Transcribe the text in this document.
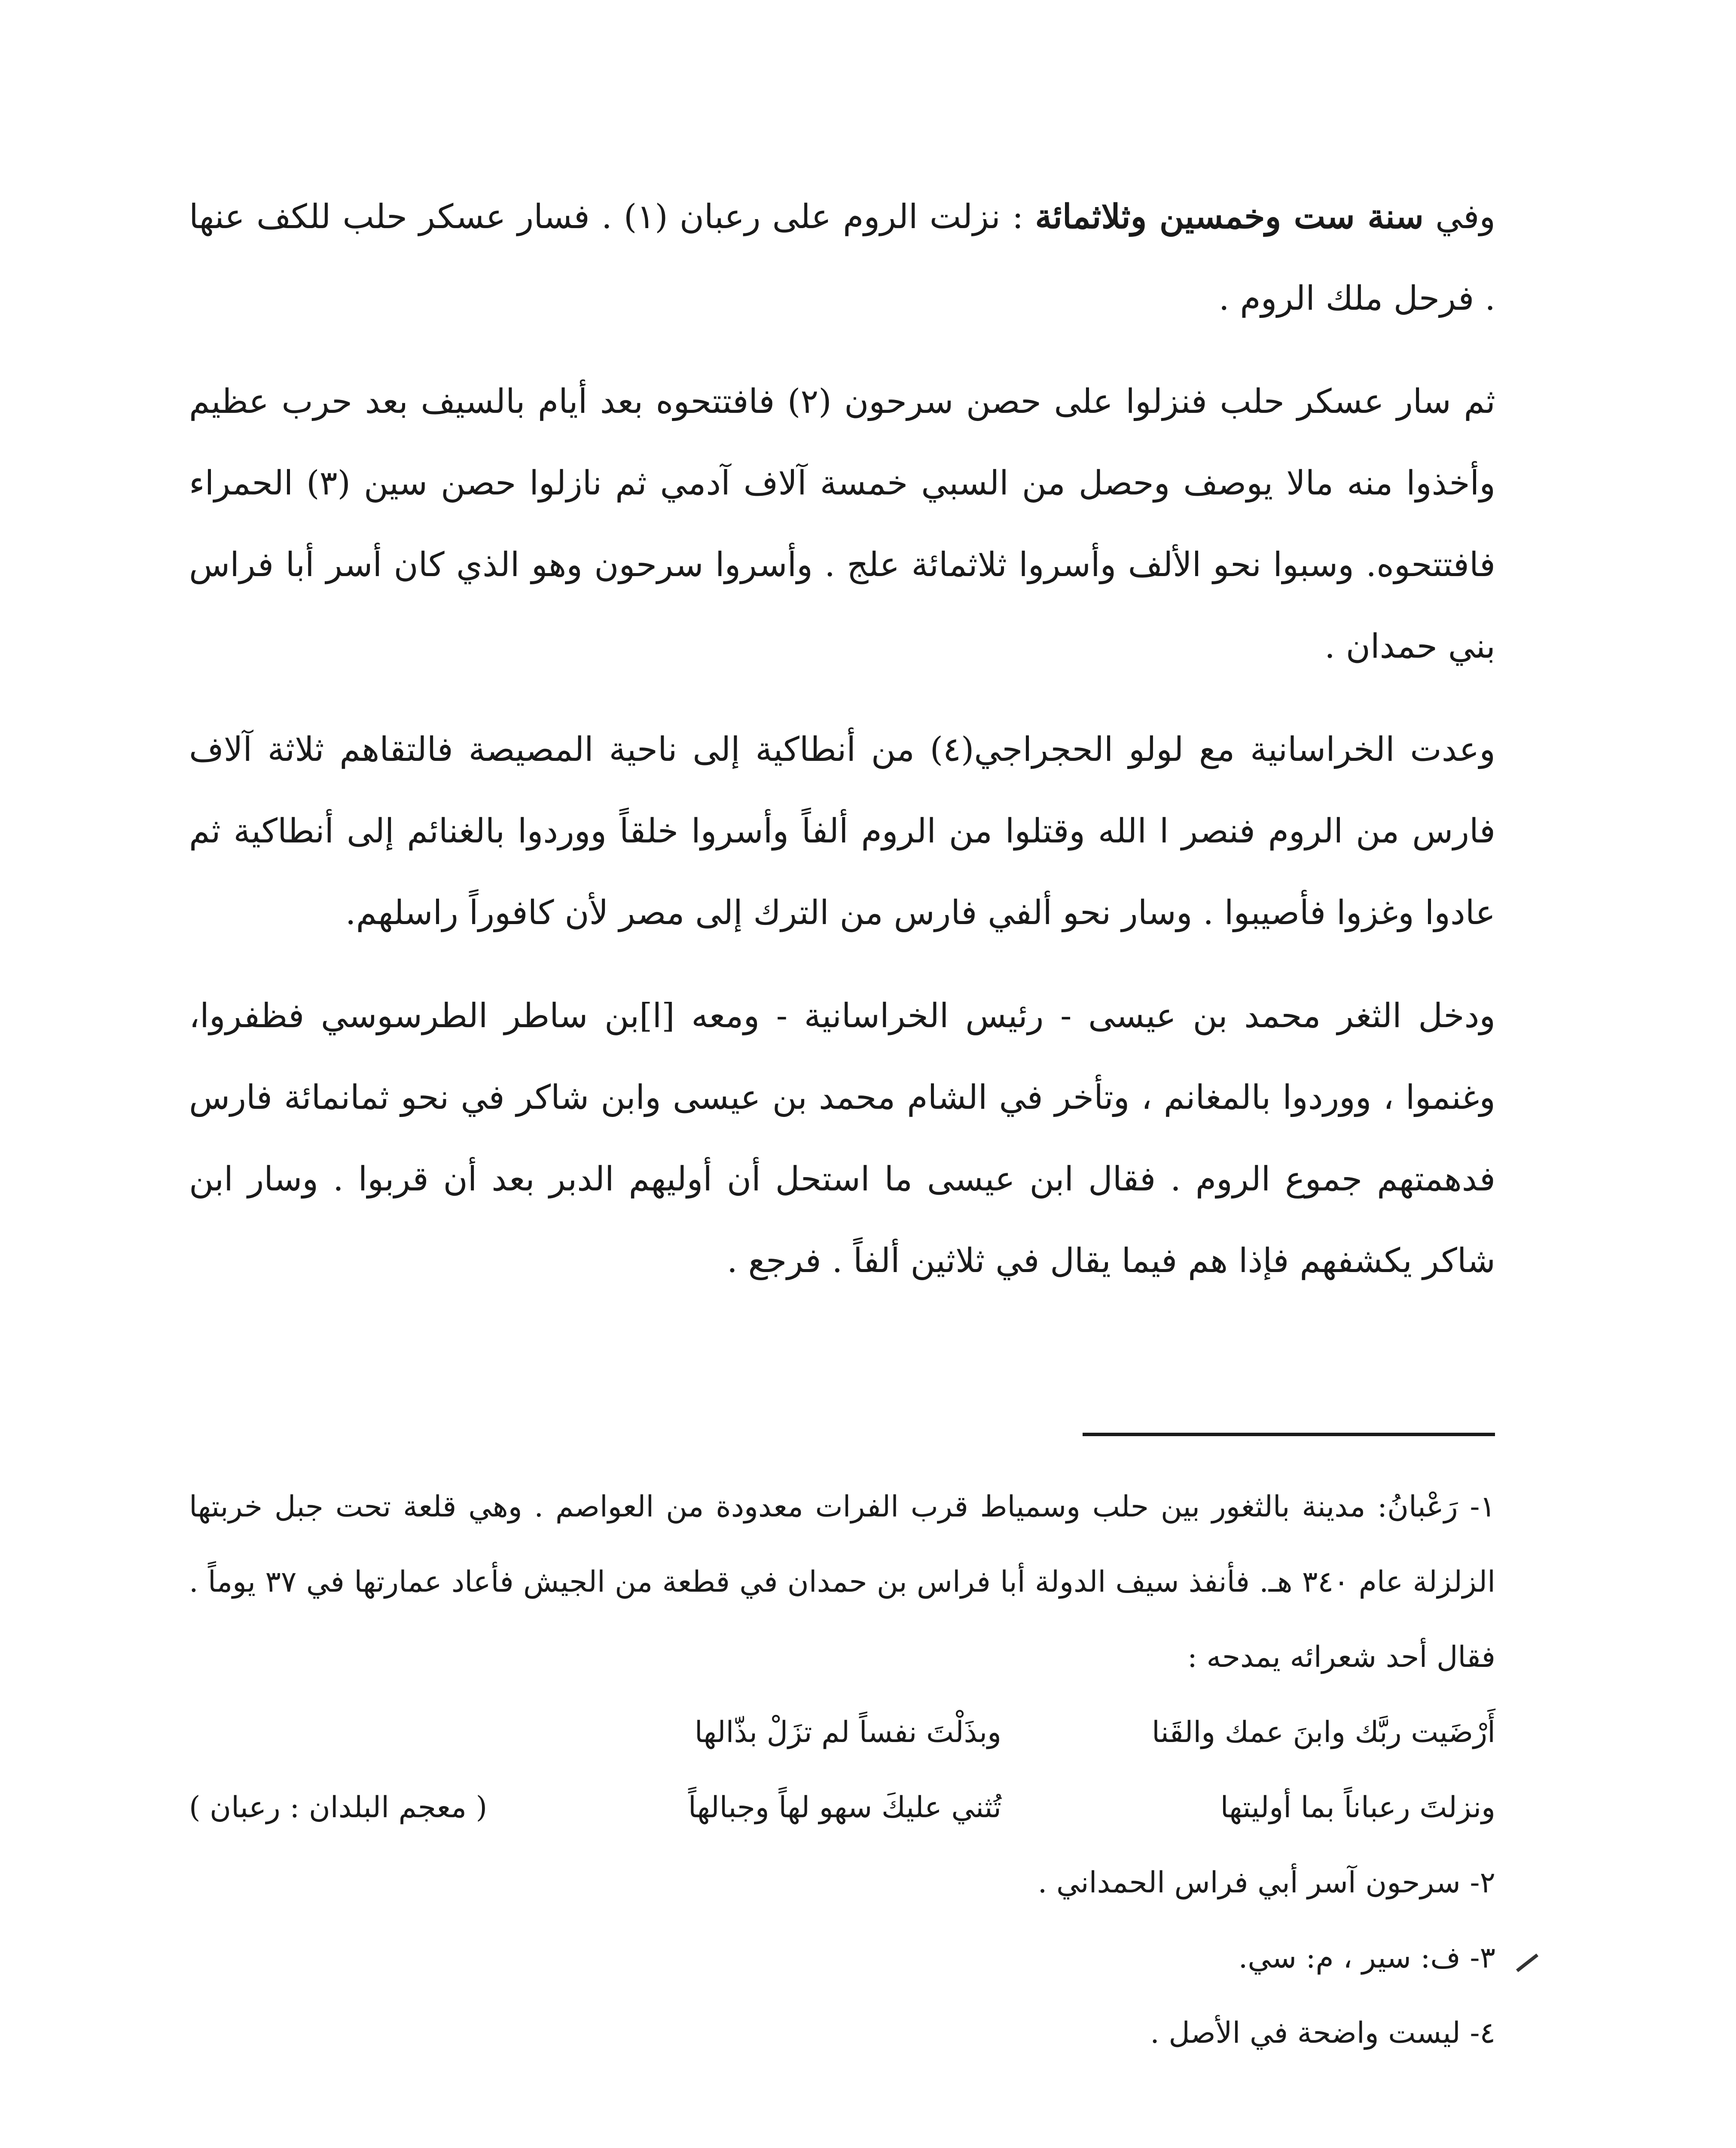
وفي سنة ست وخمسين وثلاثمائة : نزلت الروم على رعبان (١) . فسار عسكر حلب للكف عنها . فرحل ملك الروم .

ثم سار عسكر حلب فنزلوا على حصن سرحون (٢) فافتتحوه بعد أيام بالسيف بعد حرب عظيم وأخذوا منه مالا يوصف وحصل من السبي خمسة آلاف آدمي ثم نازلوا حصن سين (٣) الحمراء فافتتحوه. وسبوا نحو الألف وأسروا ثلاثمائة علج . وأسروا سرحون وهو الذي كان أسر أبا فراس بني حمدان .

وعدت الخراسانية مع لولو الحجراجي(٤) من أنطاكية إلى ناحية المصيصة فالتقاهم ثلاثة آلاف فارس من الروم فنصر ا الله وقتلوا من الروم ألفاً وأسروا خلقاً ووردوا بالغنائم إلى أنطاكية ثم عادوا وغزوا فأصيبوا . وسار نحو ألفي فارس من الترك إلى مصر لأن كافوراً راسلهم.

ودخل الثغر محمد بن عيسى - رئيس الخراسانية - ومعه [ا]بن ساطر الطرسوسي فظفروا، وغنموا ، ووردوا بالمغانم ، وتأخر في الشام محمد بن عيسى وابن شاكر في نحو ثمانمائة فارس فدهمتهم جموع الروم . فقال ابن عيسى ما استحل أن أوليهم الدبر بعد أن قربوا . وسار ابن شاكر يكشفهم فإذا هم فيما يقال في ثلاثين ألفاً . فرجع .

١- رَعْبانُ: مدينة بالثغور بين حلب وسمياط قرب الفرات معدودة من العواصم . وهي قلعة تحت جبل خربتها الزلزلة عام ٣٤٠ هـ. فأنفذ سيف الدولة أبا فراس بن حمدان في قطعة من الجيش فأعاد عمارتها في ٣٧ يوماً . فقال أحد شعرائه يمدحه :

أَرْضَيت ربَّك وابنَ عمك والقَنا
وبذَلْتَ نفساً لم تزَلْ بذّالها
ونزلتَ رعباناً بما أوليتها
تُثني عليكَ سهو لهاً وجبالهاً
( معجم البلدان : رعبان )

٢- سرحون آسر أبي فراس الحمداني .

٣- ف: سير ، م: سي.

٤- ليست واضحة في الأصل .
